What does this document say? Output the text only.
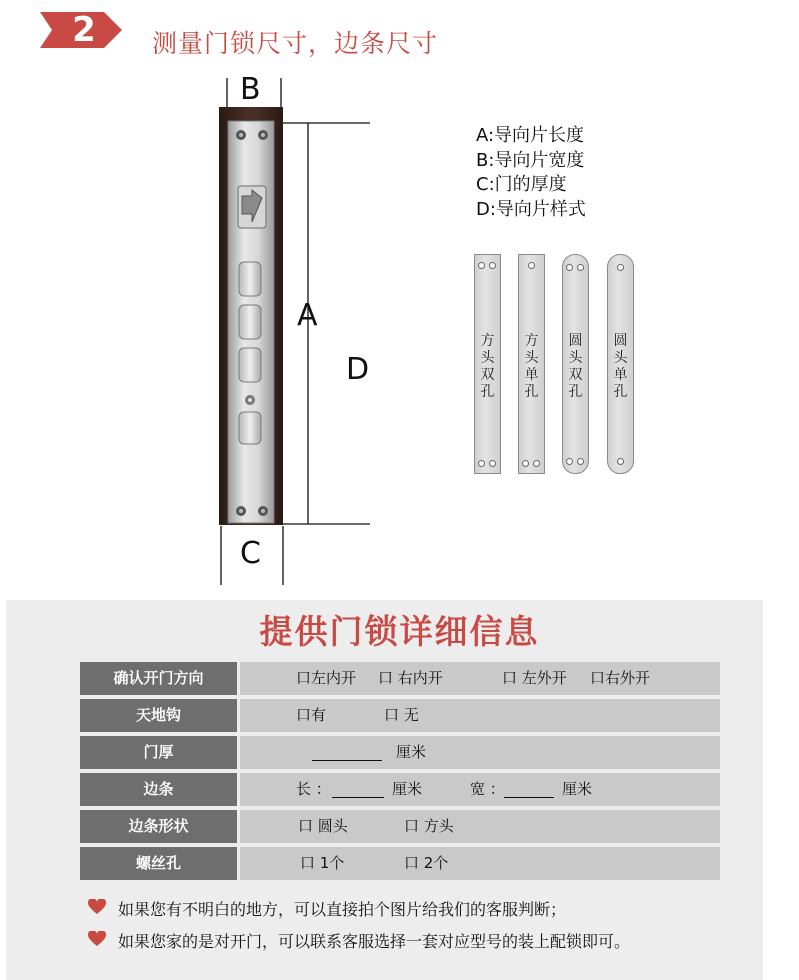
2	测量门锁尺寸，边条尺寸
B
A
D
C
A:导向片长度
B:导向片宽度
C:门的厚度
D:导向片样式
方头双孔
方头单孔
圆头双孔
圆头单孔
提供门锁详细信息
确认开门方向	口左内开 口 右内开	口 左外开 口右外开
天地钩	口有	口 无
门厚	厘米
边条	长 ：	厘米	宽 ：	厘米
边条形状	口 圆头	口 方头
螺丝孔	口 1个	口 2个
如果您有不明白的地方，可以直接拍个图片给我们的客服判断；
如果您家的是对开门，可以联系客服选择一套对应型号的装上配锁即可。
